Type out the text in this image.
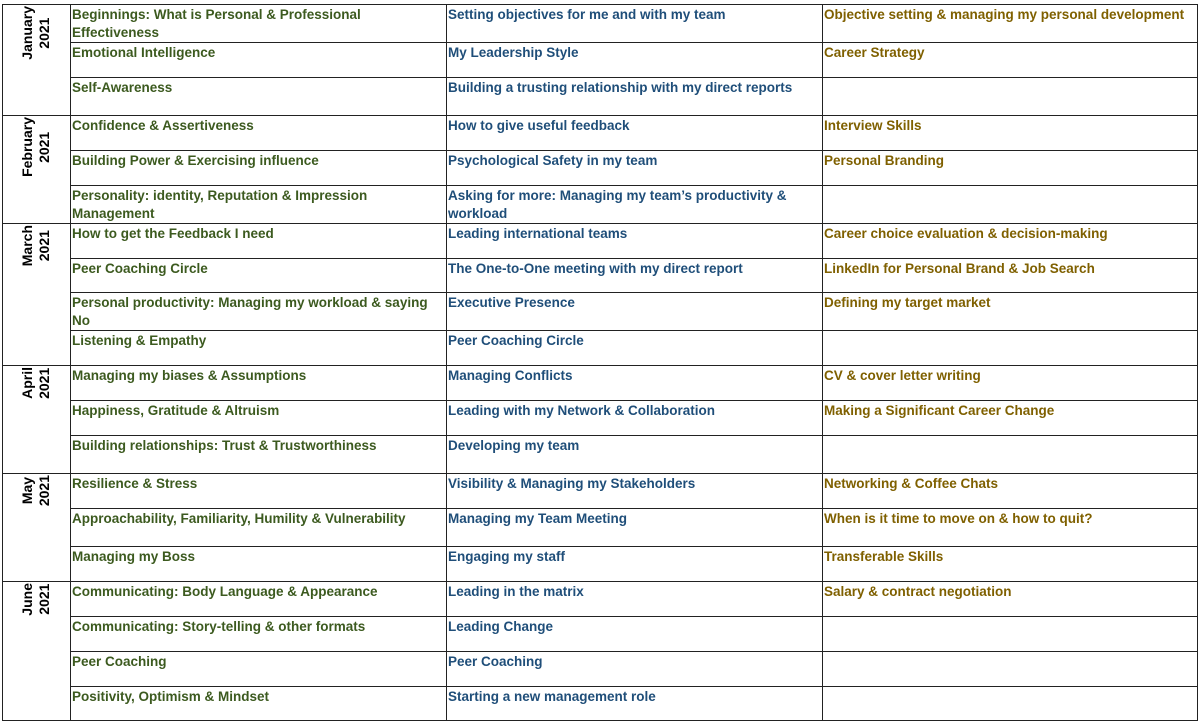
January 2021	Beginnings: What is Personal & Professional Effectiveness	Setting objectives for me and with my team	Objective setting & managing my personal development
	Emotional Intelligence	My Leadership Style	Career Strategy
	Self-Awareness	Building a trusting relationship with my direct reports	

February 2021	Confidence & Assertiveness	How to give useful feedback	Interview Skills
	Building Power & Exercising influence	Psychological Safety in my team	Personal Branding
	Personality: identity, Reputation & Impression Management	Asking for more: Managing my team’s productivity & workload	

March 2021	How to get the Feedback I need	Leading international teams	Career choice evaluation & decision-making
	Peer Coaching Circle	The One-to-One meeting with my direct report	LinkedIn for Personal Brand & Job Search
	Personal productivity: Managing my workload & saying No	Executive Presence	Defining my target market
	Listening & Empathy	Peer Coaching Circle	

April 2021	Managing my biases & Assumptions	Managing Conflicts	CV & cover letter writing
	Happiness, Gratitude & Altruism	Leading with my Network & Collaboration	Making a Significant Career Change
	Building relationships: Trust & Trustworthiness	Developing my team	

May 2021	Resilience & Stress	Visibility & Managing my Stakeholders	Networking & Coffee Chats
	Approachability, Familiarity, Humility & Vulnerability	Managing my Team Meeting	When is it time to move on & how to quit?
	Managing my Boss	Engaging my staff	Transferable Skills

June 2021	Communicating: Body Language & Appearance	Leading in the matrix	Salary & contract negotiation
	Communicating: Story-telling & other formats	Leading Change	
	Peer Coaching	Peer Coaching	
	Positivity, Optimism & Mindset	Starting a new management role	
